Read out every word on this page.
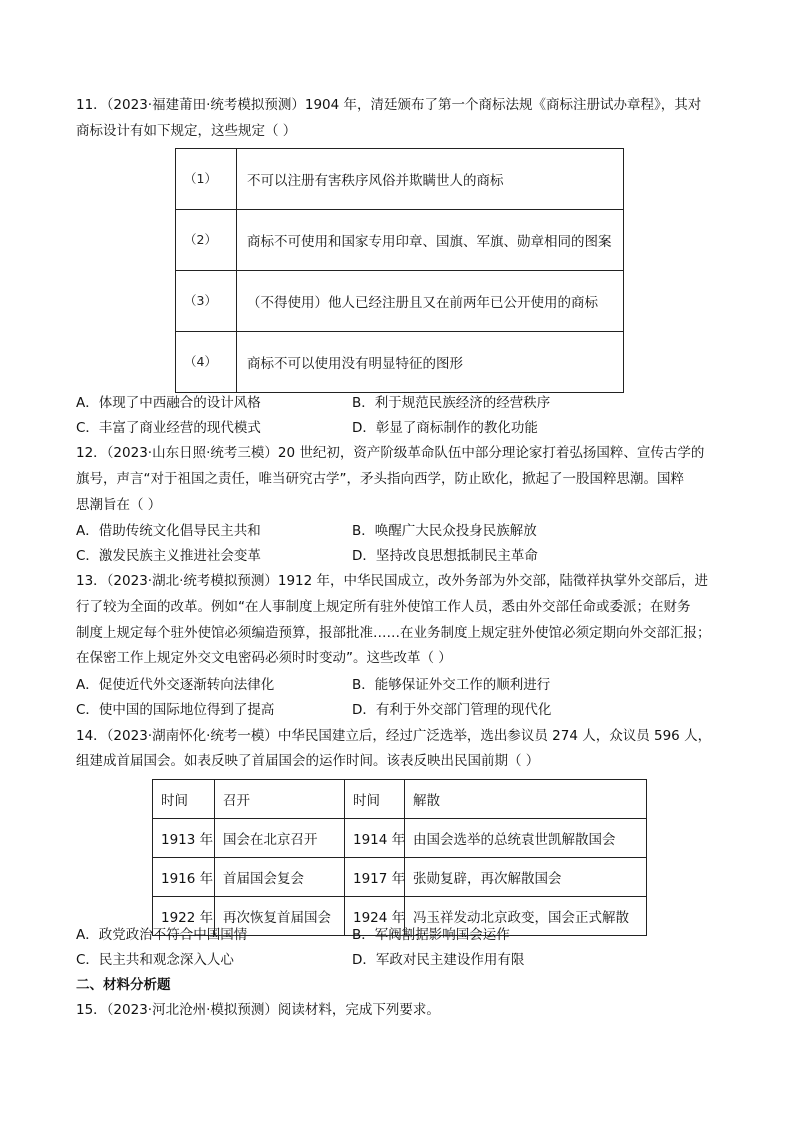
11．（2023·福建莆田·统考模拟预测）1904 年，清廷颁布了第一个商标法规《商标注册试办章程》，其对
商标设计有如下规定，这些规定（ ）
（1）	不可以注册有害秩序风俗并欺瞒世人的商标
（2）	商标不可使用和国家专用印章、国旗、军旗、勋章相同的图案
（3）	（不得使用）他人已经注册且又在前两年已公开使用的商标
（4）	商标不可以使用没有明显特征的图形
A．体现了中西融合的设计风格	B．利于规范民族经济的经营秩序
C．丰富了商业经营的现代模式	D．彰显了商标制作的教化功能
12．（2023·山东日照·统考三模）20 世纪初，资产阶级革命队伍中部分理论家打着弘扬国粹、宣传古学的
旗号，声言“对于祖国之责任，唯当研究古学”，矛头指向西学，防止欧化，掀起了一股国粹思潮。国粹
思潮旨在（ ）
A．借助传统文化倡导民主共和	B．唤醒广大民众投身民族解放
C．激发民族主义推进社会变革	D．坚持改良思想抵制民主革命
13．（2023·湖北·统考模拟预测）1912 年，中华民国成立，改外务部为外交部，陆徵祥执掌外交部后，进
行了较为全面的改革。例如“在人事制度上规定所有驻外使馆工作人员，悉由外交部任命或委派；在财务
制度上规定每个驻外使馆必须编造预算，报部批准……在业务制度上规定驻外使馆必须定期向外交部汇报；
在保密工作上规定外交文电密码必须时时变动”。这些改革（ ）
A．促使近代外交逐渐转向法律化	B．能够保证外交工作的顺利进行
C．使中国的国际地位得到了提高	D．有利于外交部门管理的现代化
14．（2023·湖南怀化·统考一模）中华民国建立后，经过广泛选举，选出参议员 274 人，众议员 596 人，
组建成首届国会。如表反映了首届国会的运作时间。该表反映出民国前期（ ）
时间	召开	时间	解散
1913 年	国会在北京召开	1914 年	由国会选举的总统袁世凯解散国会
1916 年	首届国会复会	1917 年	张勋复辟，再次解散国会
1922 年	再次恢复首届国会	1924 年	冯玉祥发动北京政变，国会正式解散
A．政党政治不符合中国国情	B．军阀割据影响国会运作
C．民主共和观念深入人心	D．军政对民主建设作用有限
二、材料分析题
15．（2023·河北沧州·模拟预测）阅读材料，完成下列要求。
